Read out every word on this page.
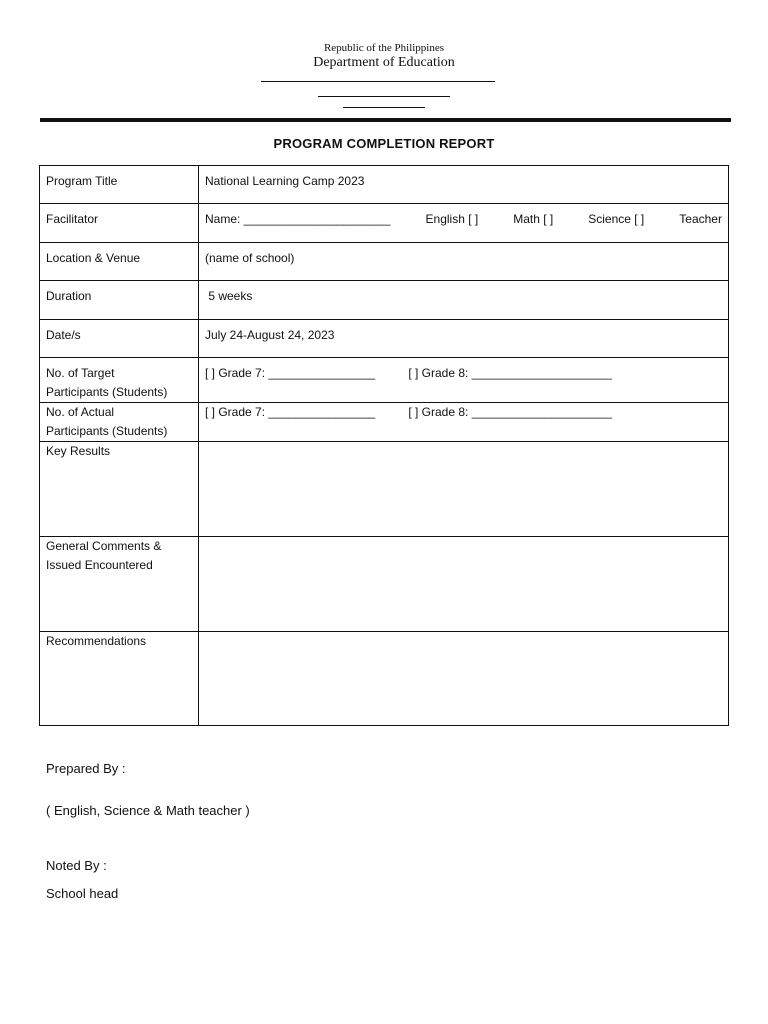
Republic of the Philippines
Department of Education
PROGRAM COMPLETION REPORT
Program Title	National Learning Camp 2023
Facilitator	Name: ______________________ English [ ] Math [ ] Science [ ] Teacher

Location & Venue	(name of school)
Duration	5 weeks
Date/s	July 24-August 24, 2023

No. of Target
Participants (Students)	[ ] Grade 7: ________________ [ ] Grade 8: _____________________

No. of Actual
Participants (Students)	[ ] Grade 7: ________________ [ ] Grade 8: _____________________

Key Results	

General Comments &
Issued Encountered	

Recommendations	
Prepared By :
( English, Science & Math teacher )
Noted By :
School head
